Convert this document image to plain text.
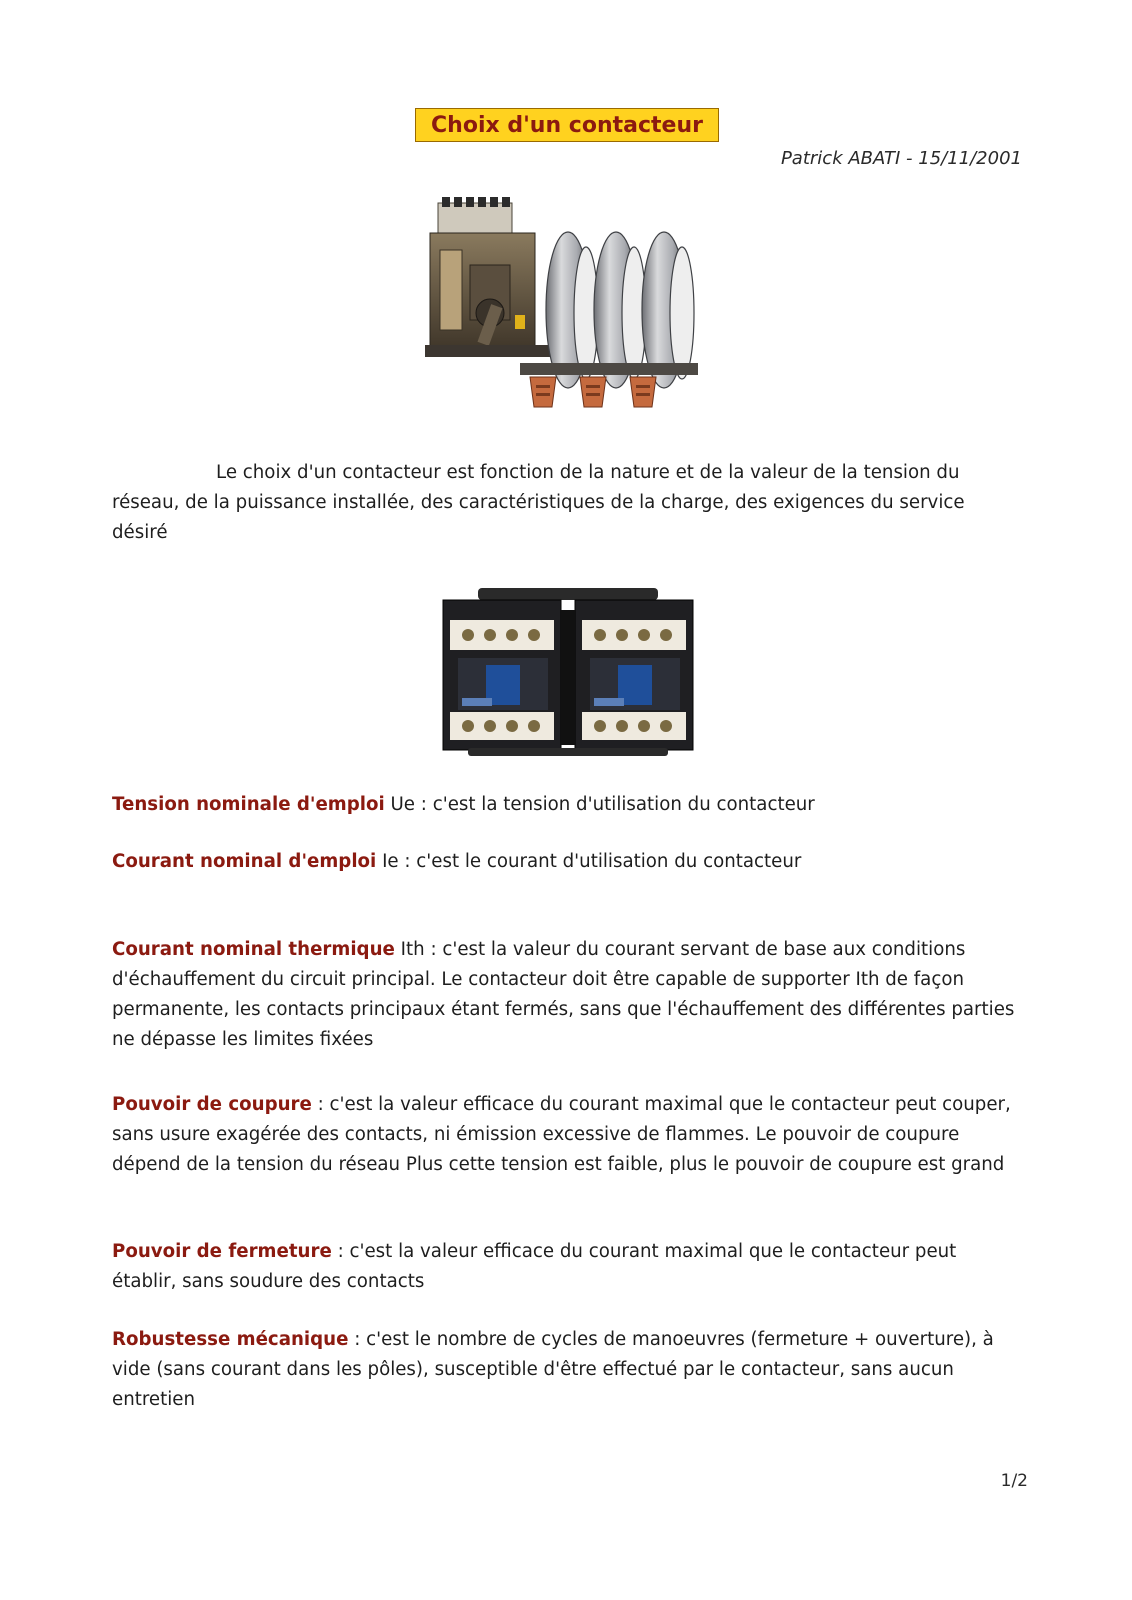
Choix d'un contacteur
Patrick ABATI - 15/11/2001
Le choix d'un contacteur est fonction de la nature et de la valeur de la tension du réseau, de la puissance installée, des caractéristiques de la charge, des exigences du service désiré
Tension nominale d'emploi Ue : c'est la tension d'utilisation du contacteur
Courant nominal d'emploi Ie : c'est le courant d'utilisation du contacteur
Courant nominal thermique Ith : c'est la valeur du courant servant de base aux conditions d'échauffement du circuit principal. Le contacteur doit être capable de supporter Ith de façon permanente, les contacts principaux étant fermés, sans que l'échauffement des différentes parties ne dépasse les limites fixées
Pouvoir de coupure : c'est la valeur efficace du courant maximal que le contacteur peut couper, sans usure exagérée des contacts, ni émission excessive de flammes. Le pouvoir de coupure dépend de la tension du réseau Plus cette tension est faible, plus le pouvoir de coupure est grand
Pouvoir de fermeture : c'est la valeur efficace du courant maximal que le contacteur peut établir, sans soudure des contacts
Robustesse mécanique : c'est le nombre de cycles de manoeuvres (fermeture + ouverture), à vide (sans courant dans les pôles), susceptible d'être effectué par le contacteur, sans aucun entretien
1/2
